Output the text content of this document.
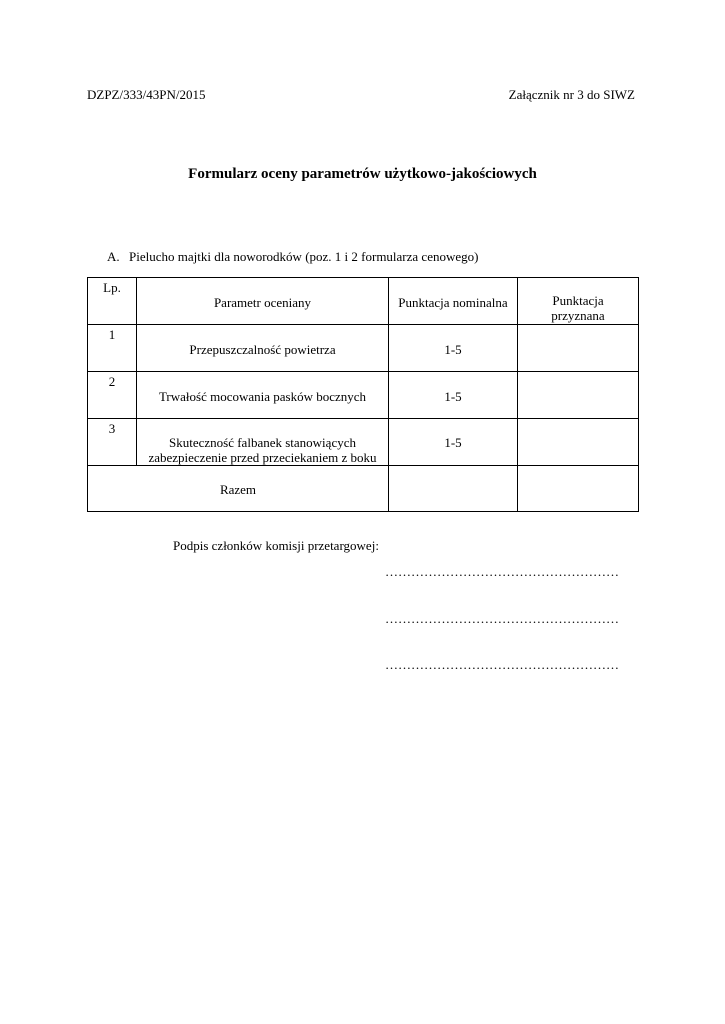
DZPZ/333/43PN/2015	Załącznik nr 3 do SIWZ
Formularz oceny parametrów użytkowo-jakościowych
A. Pielucho majtki dla noworodków (poz. 1 i 2 formularza cenowego)
Lp.	Parametr oceniany	Punktacja nominalna	Punktacja
przyznana

1	Przepuszczalność powietrza	1-5	

2	Trwałość mocowania pasków bocznych	1-5	

3	Skuteczność falbanek stanowiących
zabezpieczenie przed przeciekaniem z boku	1-5	

Razem			

Podpis członków komisji przetargowej:
………………………………………………
………………………………………………
………………………………………………
